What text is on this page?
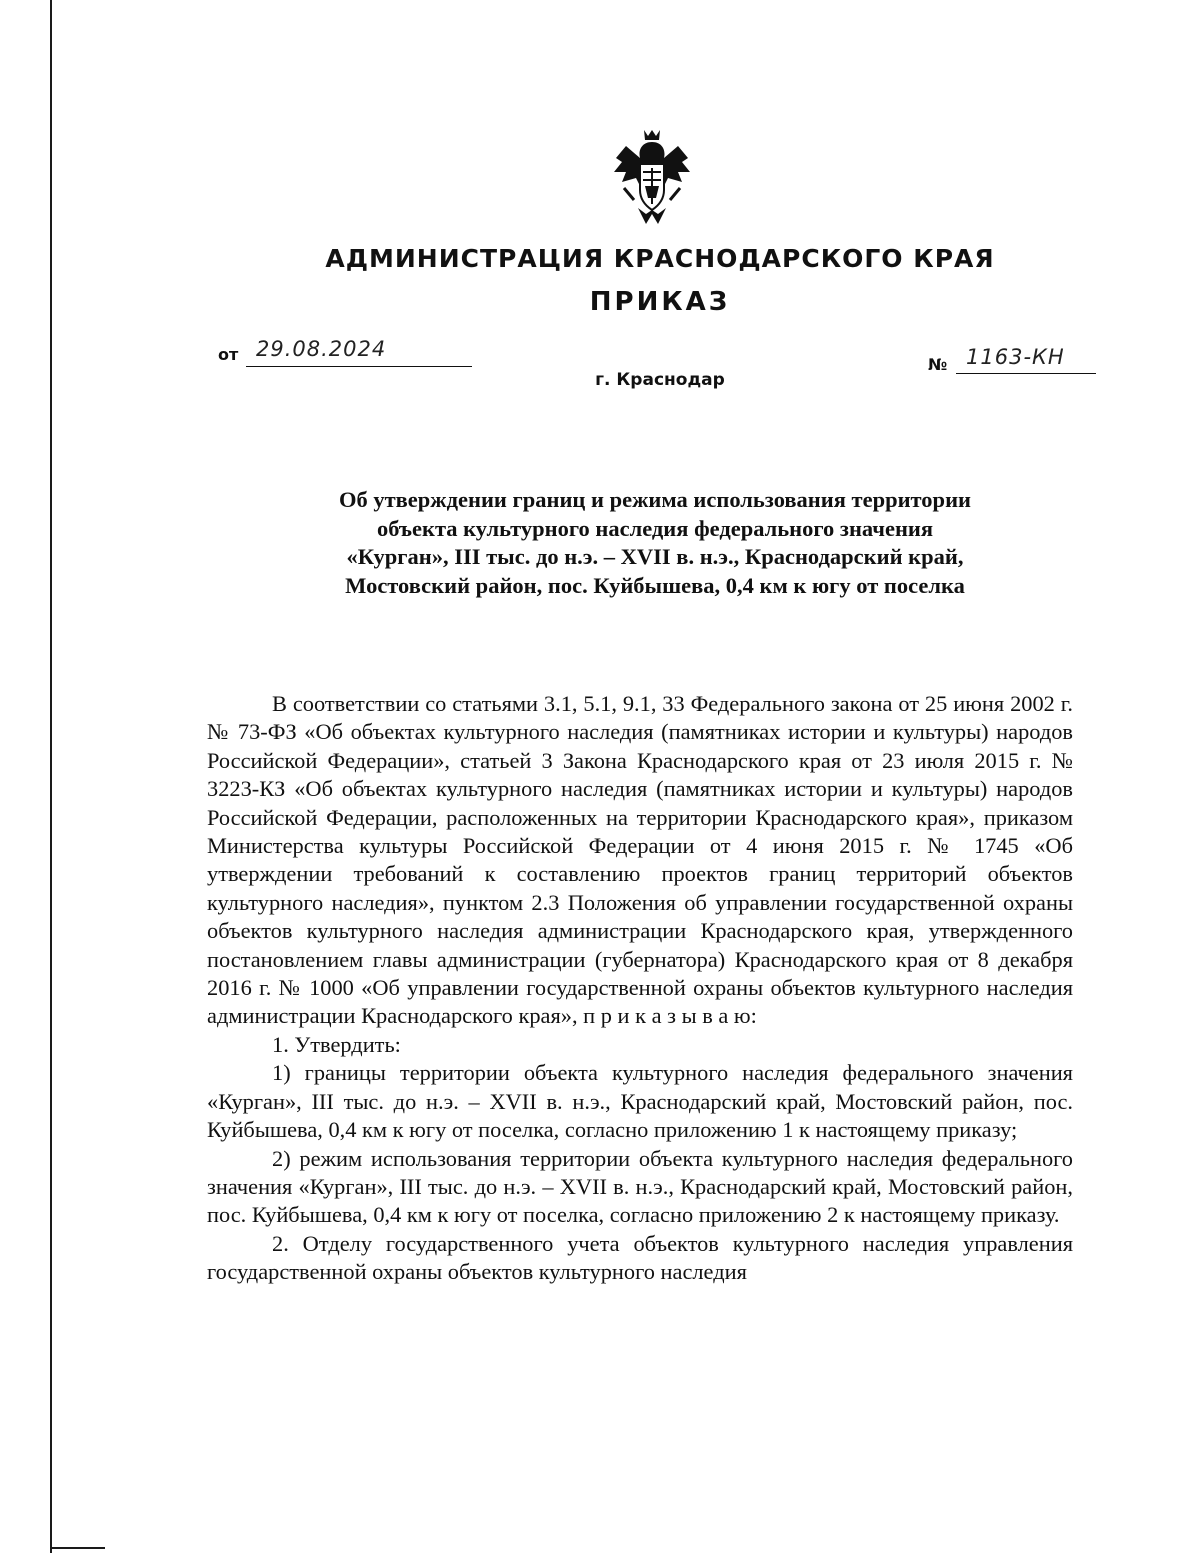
АДМИНИСТРАЦИЯ КРАСНОДАРСКОГО КРАЯ
ПРИКАЗ
от 29.08.2024
г. Краснодар
№ 1163-КН
Об утверждении границ и режима использования территории
объекта культурного наследия федерального значения
«Курган», III тыс. до н.э. – XVII в. н.э., Краснодарский край,
Мостовский район, пос. Куйбышева, 0,4 км к югу от поселка

В соответствии со статьями 3.1, 5.1, 9.1, 33 Федерального закона от 25 июня 2002 г. № 73-ФЗ «Об объектах культурного наследия (памятниках истории и культуры) народов Российской Федерации», статьей 3 Закона Краснодарского края от 23 июля 2015 г. № 3223-КЗ «Об объектах культурного наследия (памятниках истории и культуры) народов Российской Федерации, расположенных на территории Краснодарского края», приказом Министерства культуры Российской Федерации от 4 июня 2015 г. № 1745 «Об утверждении требований к составлению проектов границ территорий объектов культурного наследия», пунктом 2.3 Положения об управлении государственной охраны объектов культурного наследия администрации Краснодарского края, утвержденного постановлением главы администрации (губернатора) Краснодарского края от 8 декабря 2016 г. № 1000 «Об управлении государственной охраны объектов культурного наследия администрации Краснодарского края», п р и к а з ы в а ю:

1. Утвердить:

1) границы территории объекта культурного наследия федерального значения «Курган», III тыс. до н.э. – XVII в. н.э., Краснодарский край, Мостовский район, пос. Куйбышева, 0,4 км к югу от поселка, согласно приложению 1 к настоящему приказу;

2) режим использования территории объекта культурного наследия федерального значения «Курган», III тыс. до н.э. – XVII в. н.э., Краснодарский край, Мостовский район, пос. Куйбышева, 0,4 км к югу от поселка, согласно приложению 2 к настоящему приказу.

2. Отделу государственного учета объектов культурного наследия управления государственной охраны объектов культурного наследия
